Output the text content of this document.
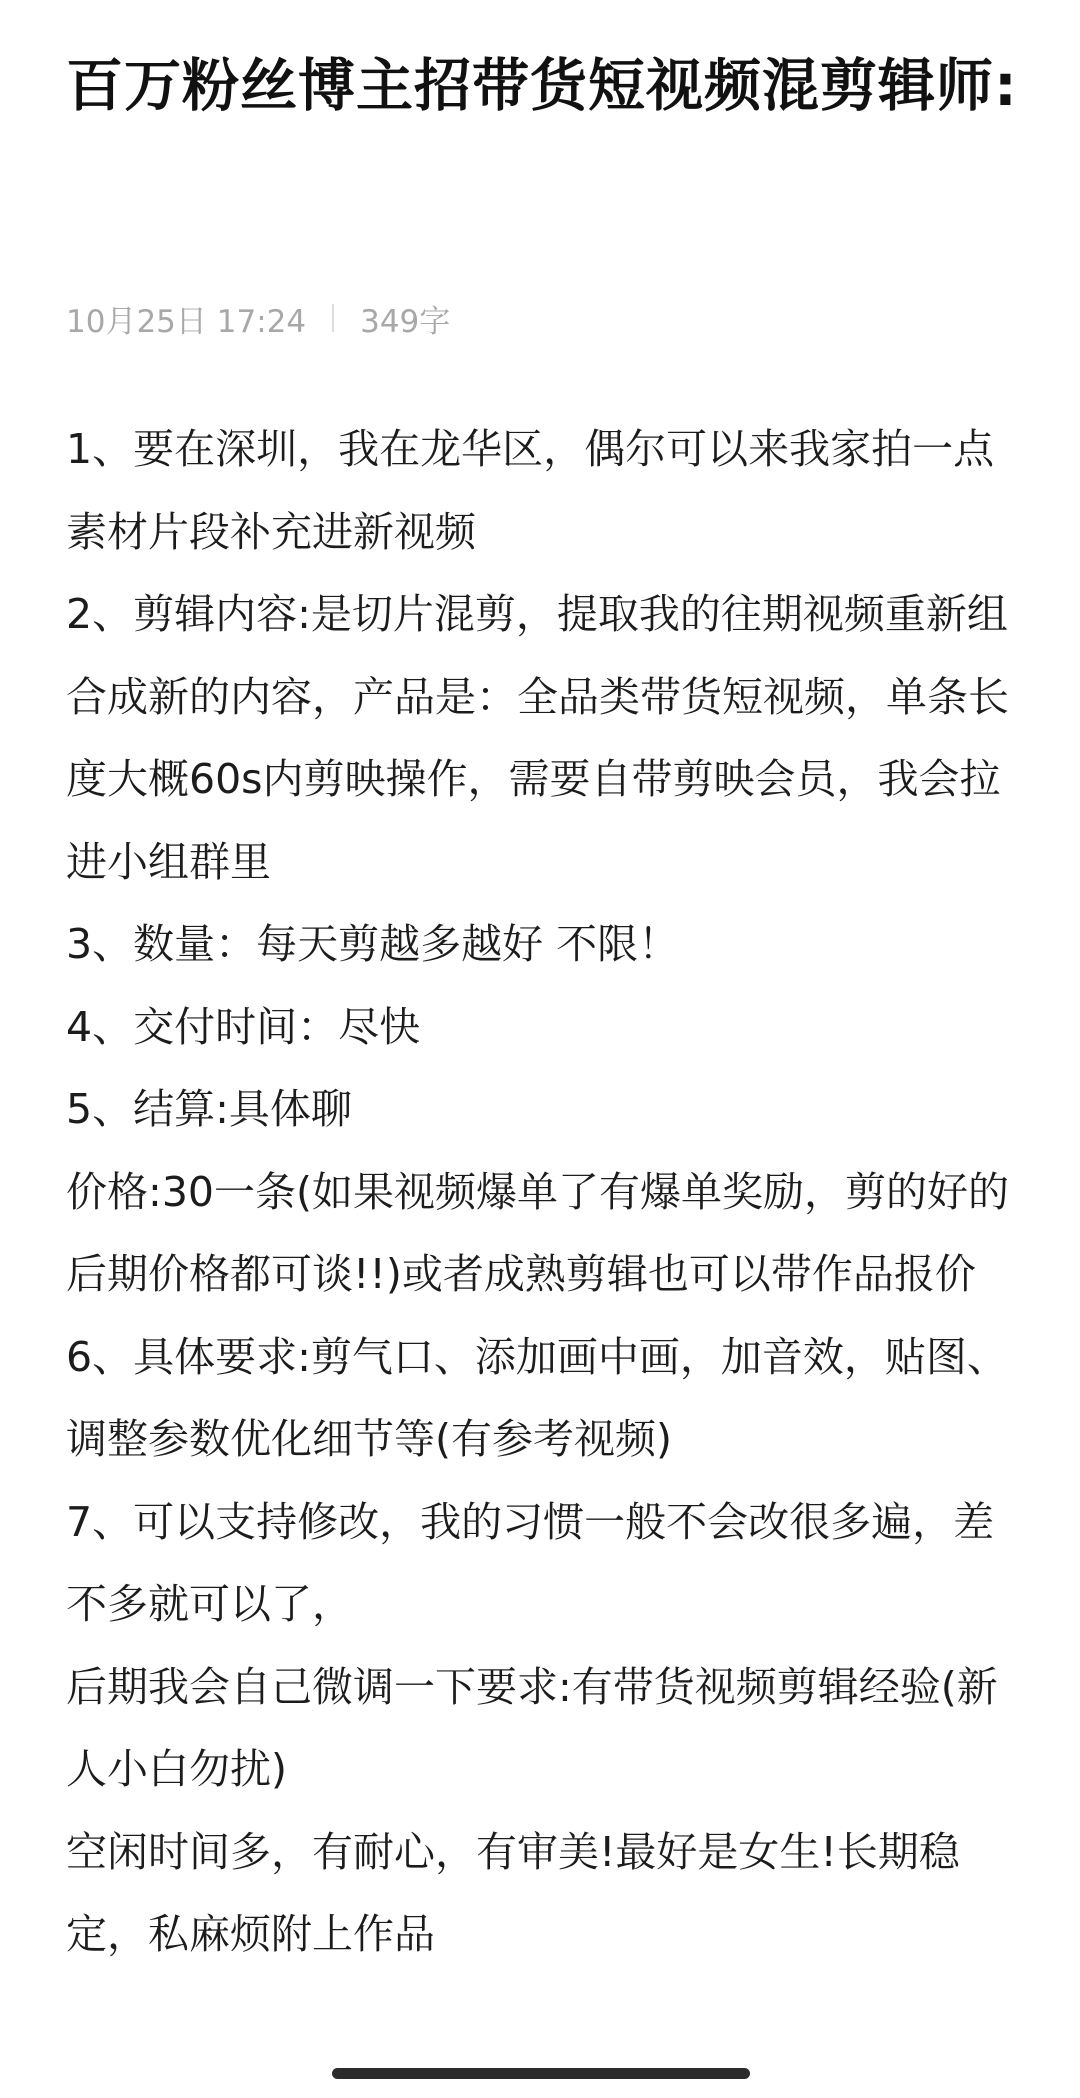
百万粉丝博主招带货短视频混剪辑师:
10月25日 17:24 349字

1、要在深圳，我在龙华区，偶尔可以来我家拍一点素材片段补充进新视频

2、剪辑内容:是切片混剪，提取我的往期视频重新组合成新的内容，产品是：全品类带货短视频，单条长度大概60s内剪映操作，需要自带剪映会员，我会拉进小组群里

3、数量：每天剪越多越好 不限！

4、交付时间：尽快

5、结算:具体聊

价格:30一条(如果视频爆单了有爆单奖励，剪的好的后期价格都可谈!!)或者成熟剪辑也可以带作品报价

6、具体要求:剪气口、添加画中画，加音效，贴图、调整参数优化细节等(有参考视频)

7、可以支持修改，我的习惯一般不会改很多遍，差不多就可以了，

后期我会自己微调一下要求:有带货视频剪辑经验(新人小白勿扰)

空闲时间多，有耐心，有审美!最好是女生!长期稳定，私麻烦附上作品
